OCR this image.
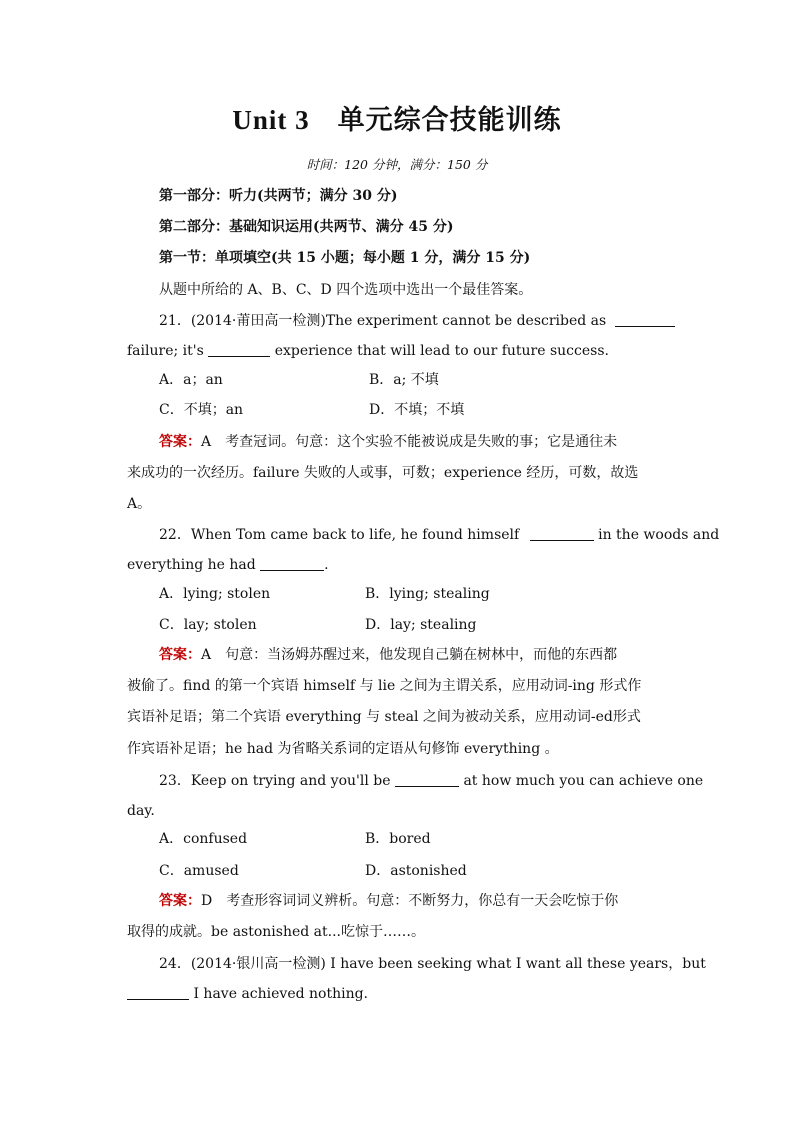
Unit 3　单元综合技能训练
时间：120 分钟，满分：150 分
第一部分：听力(共两节；满分 30 分)
第二部分：基础知识运用(共两节、满分 45 分)
第一节：单项填空(共 15 小题；每小题 1 分，满分 15 分)
从题中所给的 A、B、C、D 四个选项中选出一个最佳答案。
21．(2014·莆田高一检测)The experiment cannot be described as
failure; it's	experience that will lead to our future success.
A．a；an	B．a; 不填
C．不填；an	D．不填；不填
答案：A　考查冠词。句意：这个实验不能被说成是失败的事；它是通往未
来成功的一次经历。failure 失败的人或事，可数；experience 经历，可数，故选
A。
22．When Tom came back to life, he found himself	in the woods and
everything he had	.
A．lying; stolen	B．lying; stealing
C．lay; stolen	D．lay; stealing
答案：A　句意：当汤姆苏醒过来，他发现自己躺在树林中，而他的东西都
被偷了。find 的第一个宾语 himself 与 lie 之间为主谓关系，应用动词-ing 形式作
宾语补足语；第二个宾语 everything 与 steal 之间为被动关系，应用动词-ed形式
作宾语补足语；he had 为省略关系词的定语从句修饰 everything 。
23．Keep on trying and you'll be	at how much you can achieve one
day.
A．confused	B．bored
C．amused	D．astonished
答案：D　考查形容词词义辨析。句意：不断努力，你总有一天会吃惊于你
取得的成就。be astonished at...吃惊于……。
24．(2014·银川高一检测) I have been seeking what I want all these years，but
I have achieved nothing.
